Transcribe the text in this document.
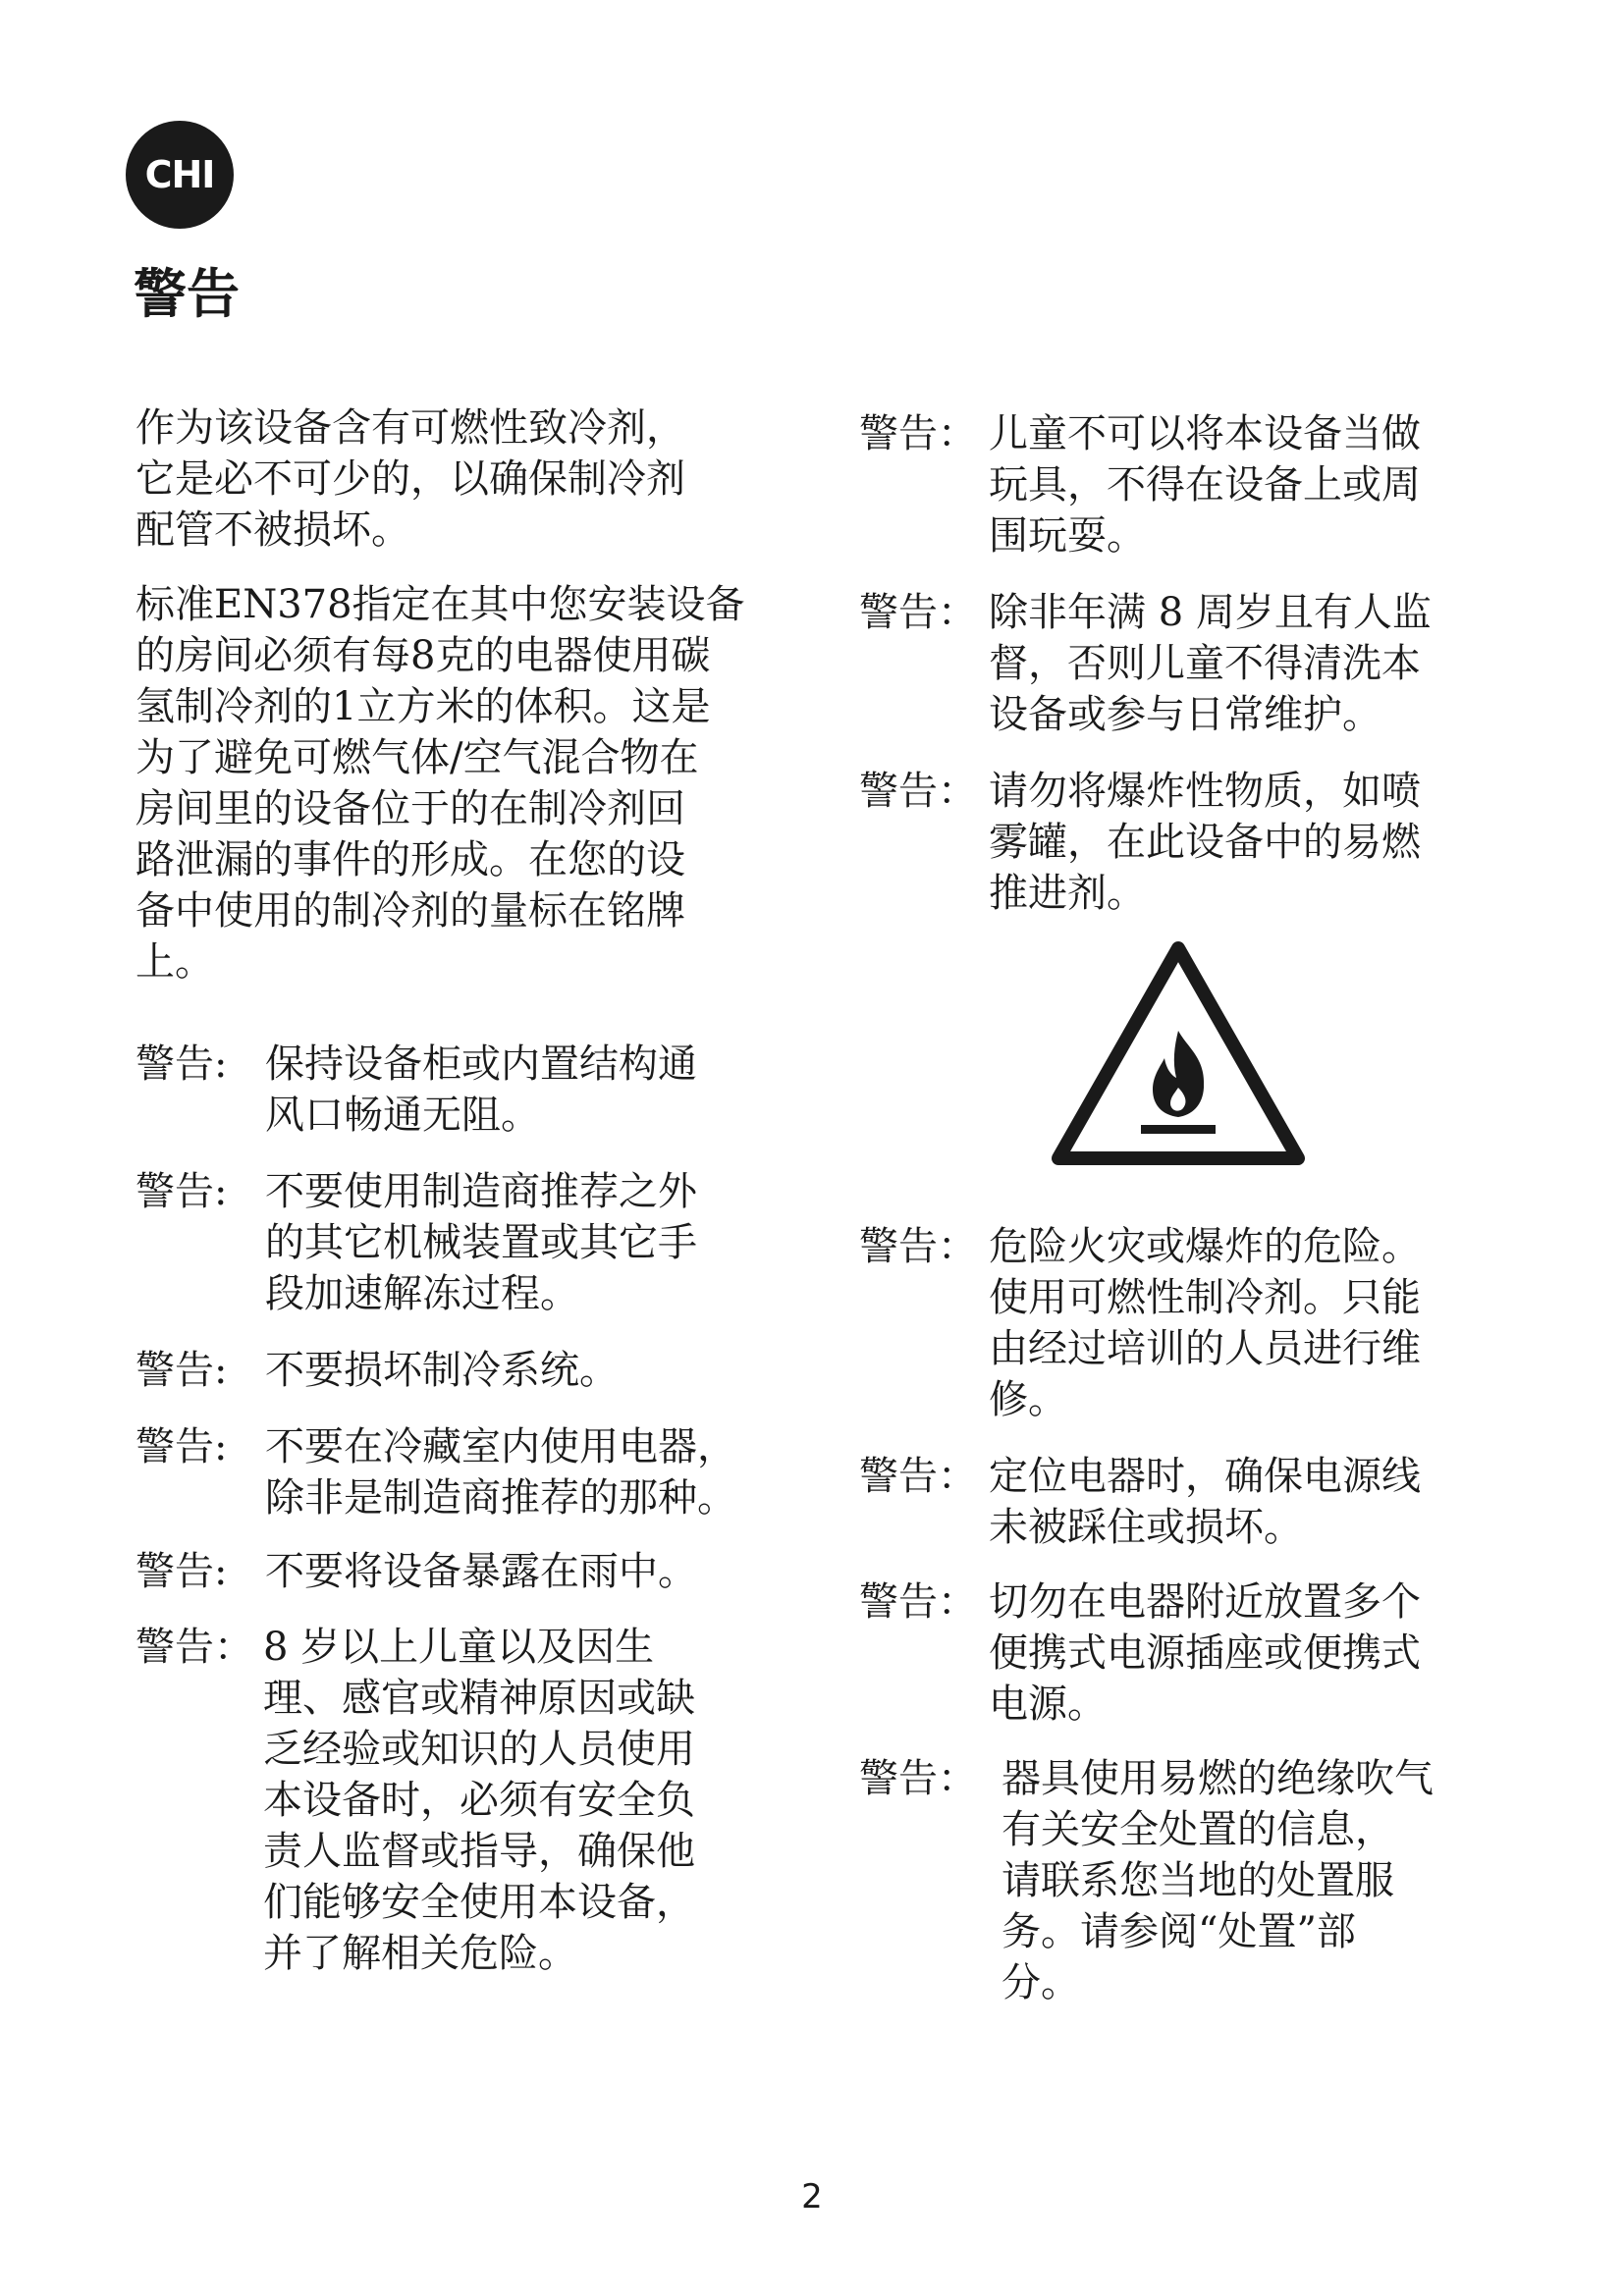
CHI
警告

作为该设备含有可燃性致冷剂，
它是必不可少的，以确保制冷剂
配管不被损坏。

标准EN378指定在其中您安装设备
的房间必须有每8克的电器使用碳
氢制冷剂的1立方米的体积。这是
为了避免可燃气体/空气混合物在
房间里的设备位于的在制冷剂回
路泄漏的事件的形成。在您的设
备中使用的制冷剂的量标在铭牌
上。

警告: 保持设备柜或内置结构通
风口畅通无阻。
警告: 不要使用制造商推荐之外
的其它机械装置或其它手
段加速解冻过程。
警告: 不要损坏制冷系统。
警告: 不要在冷藏室内使用电器，
除非是制造商推荐的那种。
警告: 不要将设备暴露在雨中。
警告： 8 岁以上儿童以及因生
理、感官或精神原因或缺
乏经验或知识的人员使用
本设备时，必须有安全负
责人监督或指导，确保他
们能够安全使用本设备，
并了解相关危险。
警告： 儿童不可以将本设备当做
玩具，不得在设备上或周
围玩耍。
警告： 除非年满 8 周岁且有人监
督，否则儿童不得清洗本
设备或参与日常维护。
警告： 请勿将爆炸性物质，如喷
雾罐，在此设备中的易燃
推进剂。
警告： 危险火灾或爆炸的危险。
使用可燃性制冷剂。只能
由经过培训的人员进行维
修。
警告： 定位电器时，确保电源线
未被踩住或损坏。
警告： 切勿在电器附近放置多个
便携式电源插座或便携式
电源。
警告： 器具使用易燃的绝缘吹气
有关安全处置的信息，
请联系您当地的处置服
务。请参阅“处置”部
分。
2
